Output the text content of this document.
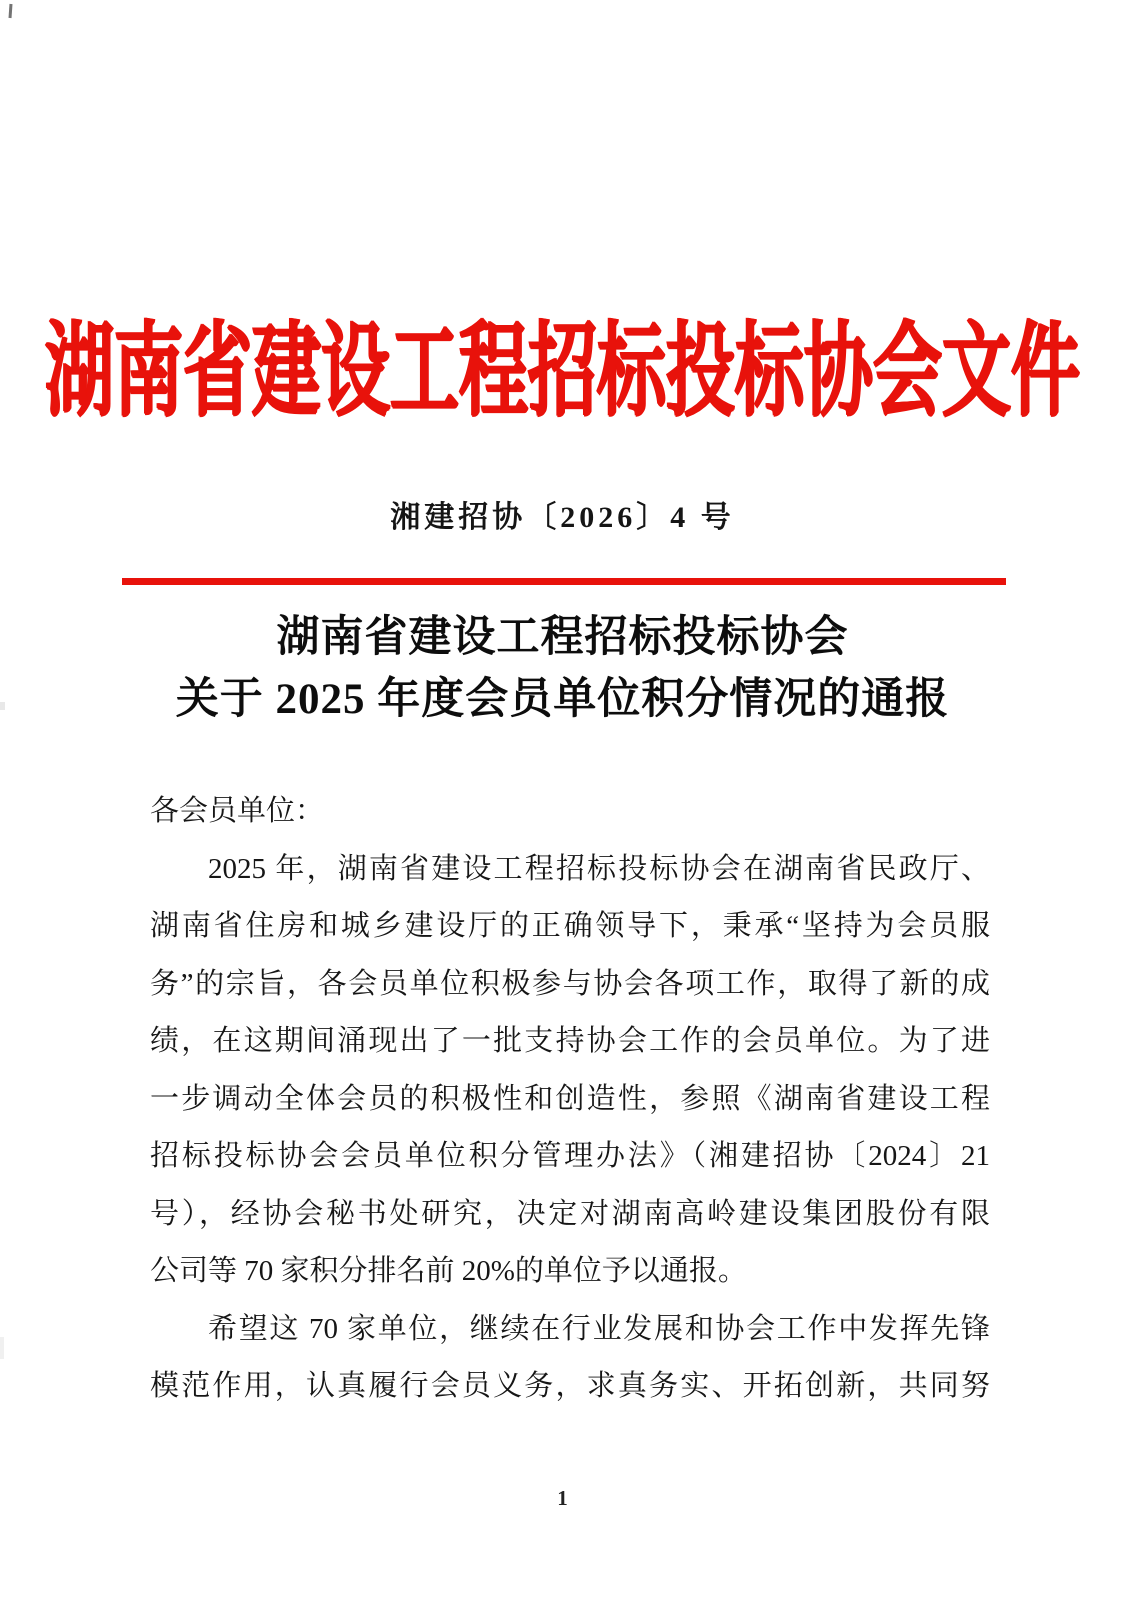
湖南省建设工程招标投标协会文件
湘建招协〔2026〕4 号
湖南省建设工程招标投标协会
关于 2025 年度会员单位积分情况的通报
各会员单位：
2025 年，湖南省建设工程招标投标协会在湖南省民政厅、
湖南省住房和城乡建设厅的正确领导下，秉承“坚持为会员服
务”的宗旨，各会员单位积极参与协会各项工作，取得了新的成
绩，在这期间涌现出了一批支持协会工作的会员单位。为了进
一步调动全体会员的积极性和创造性，参照《湖南省建设工程
招标投标协会会员单位积分管理办法》（湘建招协〔2024〕21
号），经协会秘书处研究，决定对湖南高岭建设集团股份有限
公司等 70 家积分排名前 20%的单位予以通报。
希望这 70 家单位，继续在行业发展和协会工作中发挥先锋
模范作用，认真履行会员义务，求真务实、开拓创新，共同努
1
